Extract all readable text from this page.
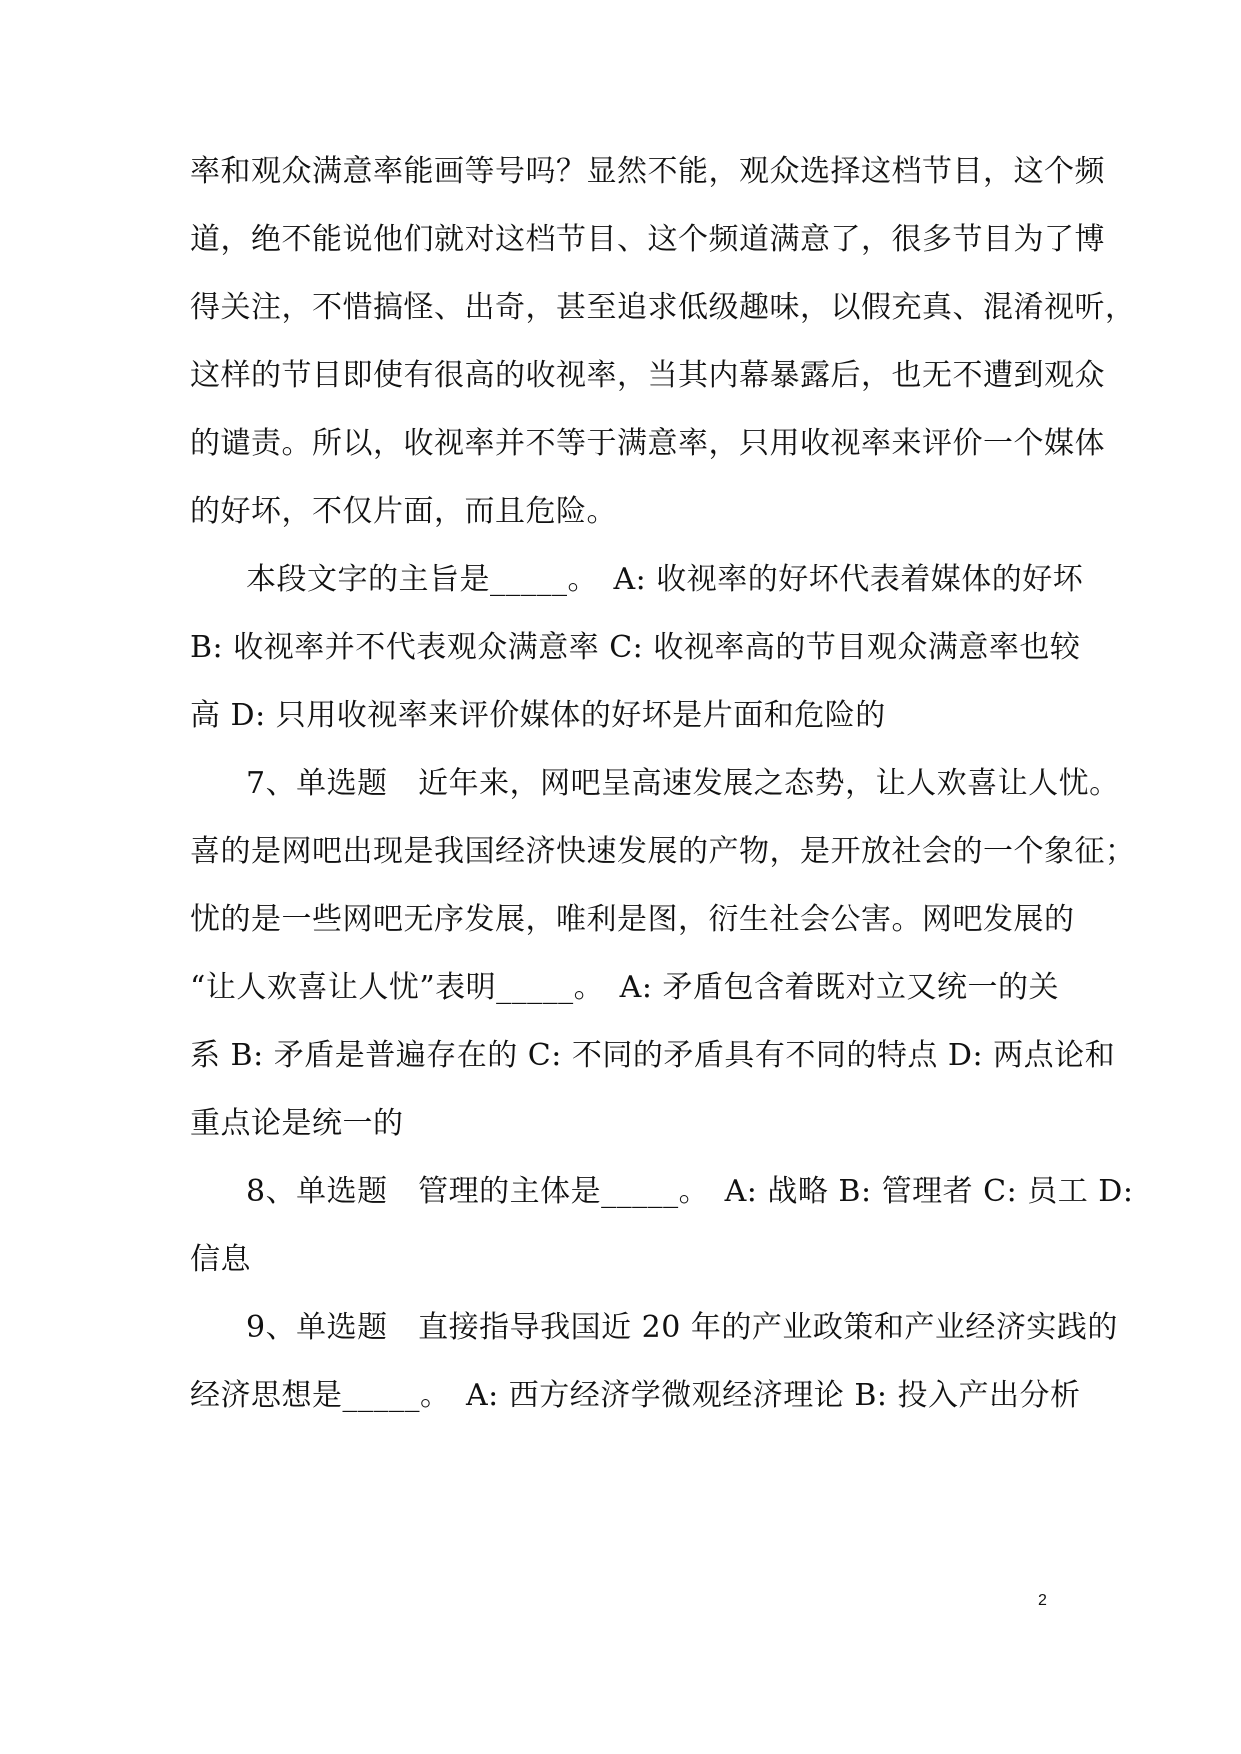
率和观众满意率能画等号吗？显然不能，观众选择这档节目，这个频
道，绝不能说他们就对这档节目、这个频道满意了，很多节目为了博
得关注，不惜搞怪、出奇，甚至追求低级趣味，以假充真、混淆视听，
这样的节目即使有很高的收视率，当其内幕暴露后，也无不遭到观众
的谴责。所以，收视率并不等于满意率，只用收视率来评价一个媒体
的好坏，不仅片面，而且危险。
本段文字的主旨是_____。　A: 收视率的好坏代表着媒体的好坏
B: 收视率并不代表观众满意率 C: 收视率高的节目观众满意率也较
高 D: 只用收视率来评价媒体的好坏是片面和危险的
7、单选题　近年来，网吧呈高速发展之态势，让人欢喜让人忧。
喜的是网吧出现是我国经济快速发展的产物，是开放社会的一个象征；
忧的是一些网吧无序发展，唯利是图，衍生社会公害。网吧发展的
“让人欢喜让人忧”表明_____。　A: 矛盾包含着既对立又统一的关
系 B: 矛盾是普遍存在的 C: 不同的矛盾具有不同的特点 D: 两点论和
重点论是统一的
8、单选题　管理的主体是_____。　A: 战略 B: 管理者 C: 员工 D:
信息
9、单选题　直接指导我国近 20 年的产业政策和产业经济实践的
经济思想是_____。　A: 西方经济学微观经济理论 B: 投入产出分析
2
